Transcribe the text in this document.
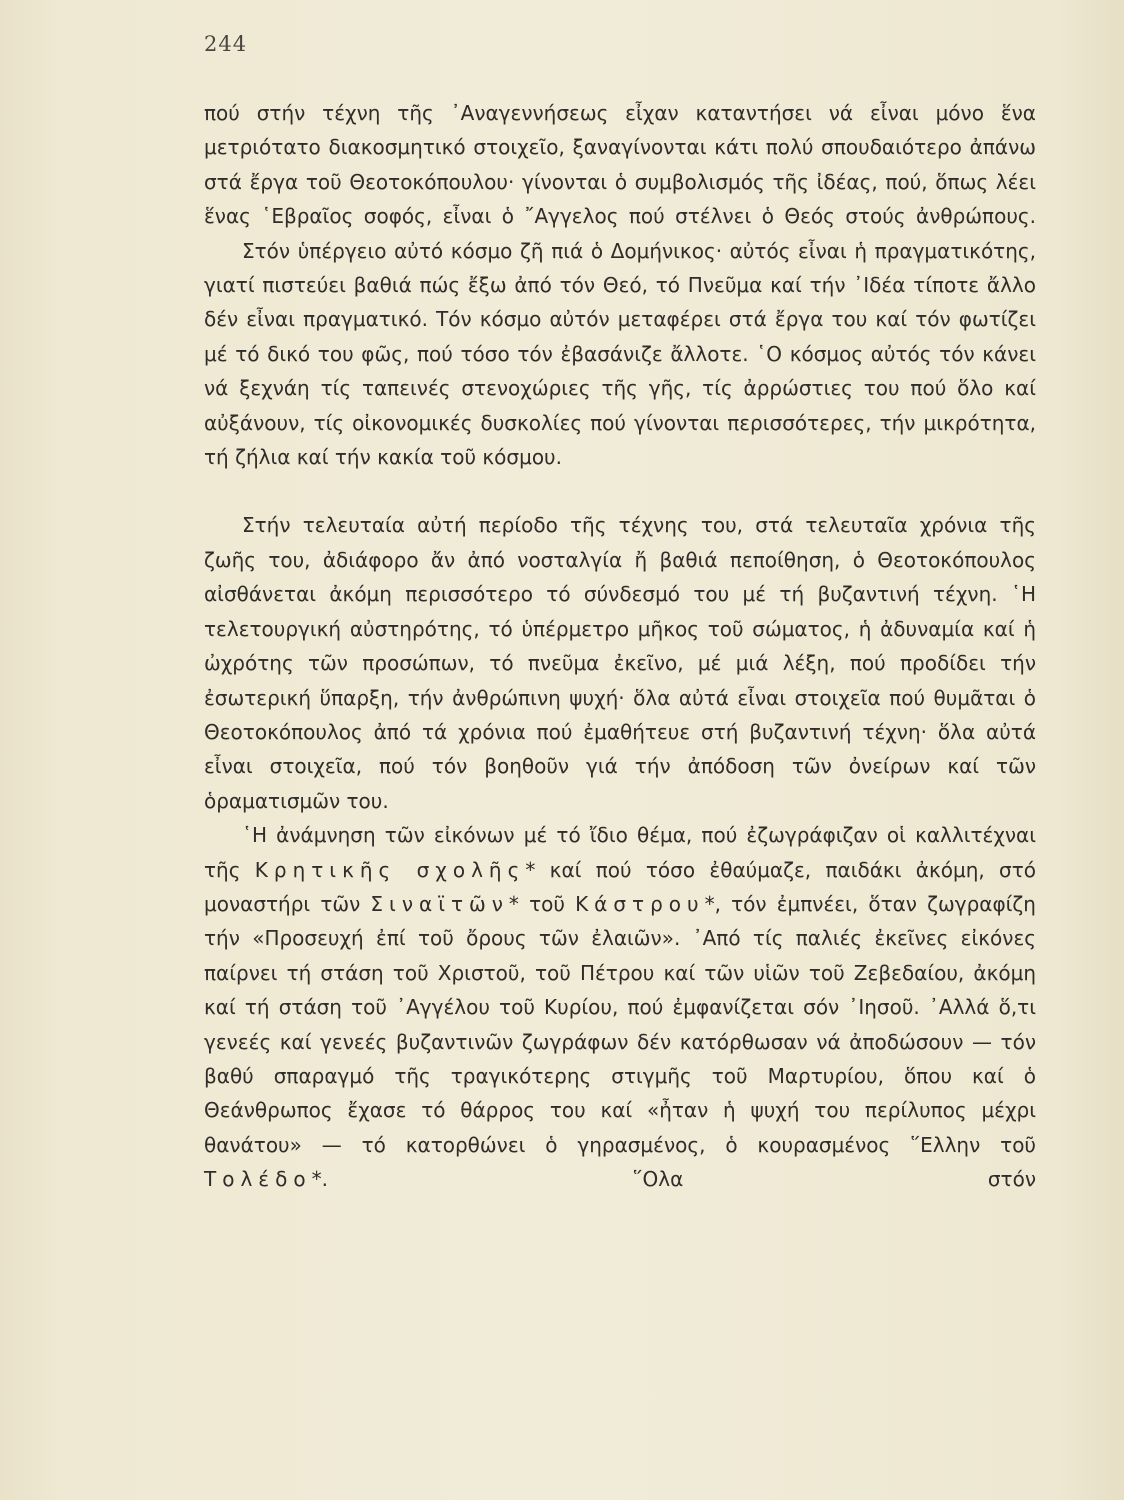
244

πού στήν τέχνη τῆς ᾿Αναγεννήσεως εἶχαν καταντήσει νά εἶναι μόνο ἕνα μετριότατο διακοσμητικό στοιχεῖο, ξαναγίνονται κάτι πολύ σπουδαιότερο ἀπάνω στά ἔργα τοῦ Θεοτοκόπουλου· γίνονται ὁ συμβολισμός τῆς ἰδέας, πού, ὅπως λέει ἕνας ῾Εβραῖος σοφός, εἶναι ὁ ῎Αγγελος πού στέλνει ὁ Θεός στούς ἀνθρώπους.

Στόν ὑπέργειο αὐτό κόσμο ζῆ πιά ὁ Δομήνικος· αὐτός εἶναι ἡ πραγματικότης, γιατί πιστεύει βαθιά πώς ἔξω ἀπό τόν Θεό, τό Πνεῦμα καί τήν ᾿Ιδέα τίποτε ἄλλο δέν εἶναι πραγματικό. Τόν κόσμο αὐτόν μεταφέρει στά ἔργα του καί τόν φωτίζει μέ τό δικό του φῶς, πού τόσο τόν ἐβασάνιζε ἄλλοτε. ῾Ο κόσμος αὐτός τόν κάνει νά ξεχνάη τίς ταπεινές στενοχώριες τῆς γῆς, τίς ἀρρώστιες του πού ὅλο καί αὐξάνουν, τίς οἰκονομικές δυσκολίες πού γίνονται περισσότερες, τήν μικρότητα, τή ζήλια καί τήν κακία τοῦ κόσμου.

Στήν τελευταία αὐτή περίοδο τῆς τέχνης του, στά τελευταῖα χρόνια τῆς ζωῆς του, ἀδιάφορο ἄν ἀπό νοσταλγία ἤ βαθιά πεποίθηση, ὁ Θεοτοκόπουλος αἰσθάνεται ἀκόμη περισσότερο τό σύνδεσμό του μέ τή βυζαντινή τέχνη. ῾Η τελετουργική αὐστηρότης, τό ὑπέρμετρο μῆκος τοῦ σώματος, ἡ ἀδυναμία καί ἡ ὠχρότης τῶν προσώπων, τό πνεῦμα ἐκεῖνο, μέ μιά λέξη, πού προδίδει τήν ἐσωτερική ὕπαρξη, τήν ἀνθρώπινη ψυχή· ὅλα αὐτά εἶναι στοιχεῖα πού θυμᾶται ὁ Θεοτοκόπουλος ἀπό τά χρόνια πού ἐμαθήτευε στή βυζαντινή τέχνη· ὅλα αὐτά εἶναι στοιχεῖα, πού τόν βοηθοῦν γιά τήν ἀπόδοση τῶν ὀνείρων καί τῶν ὁραματισμῶν του.

῾Η ἀνάμνηση τῶν εἰκόνων μέ τό ἴδιο θέμα, πού ἐζωγράφιζαν οἱ καλλιτέχναι τῆς Κρητικῆς σχολῆς* καί πού τόσο ἐθαύμαζε, παιδάκι ἀκόμη, στό μοναστήρι τῶν Σιναϊτῶν* τοῦ Κάστρου*, τόν ἐμπνέει, ὅταν ζωγραφίζη τήν «Προσευχή ἐπί τοῦ ὄρους τῶν ἐλαιῶν». ᾿Από τίς παλιές ἐκεῖνες εἰκόνες παίρνει τή στάση τοῦ Χριστοῦ, τοῦ Πέτρου καί τῶν υἱῶν τοῦ Ζεβεδαίου, ἀκόμη καί τή στάση τοῦ ᾿Αγγέλου τοῦ Κυρίου, πού ἐμφανίζεται σόν ᾿Ιησοῦ. ᾿Αλλά ὅ,τι γενεές καί γενεές βυζαντινῶν ζωγράφων δέν κατόρθωσαν νά ἀποδώσουν — τόν βαθύ σπαραγμό τῆς τραγικότερης στιγμῆς τοῦ Μαρτυρίου, ὅπου καί ὁ Θεάνθρωπος ἔχασε τό θάρρος του καί «ἦταν ἡ ψυχή του περίλυπος μέχρι θανάτου» — τό κατορθώνει ὁ γηρασμένος, ὁ κουρασμένος ῞Ελλην τοῦ Τολέδο*. ῞Ολα στόν
